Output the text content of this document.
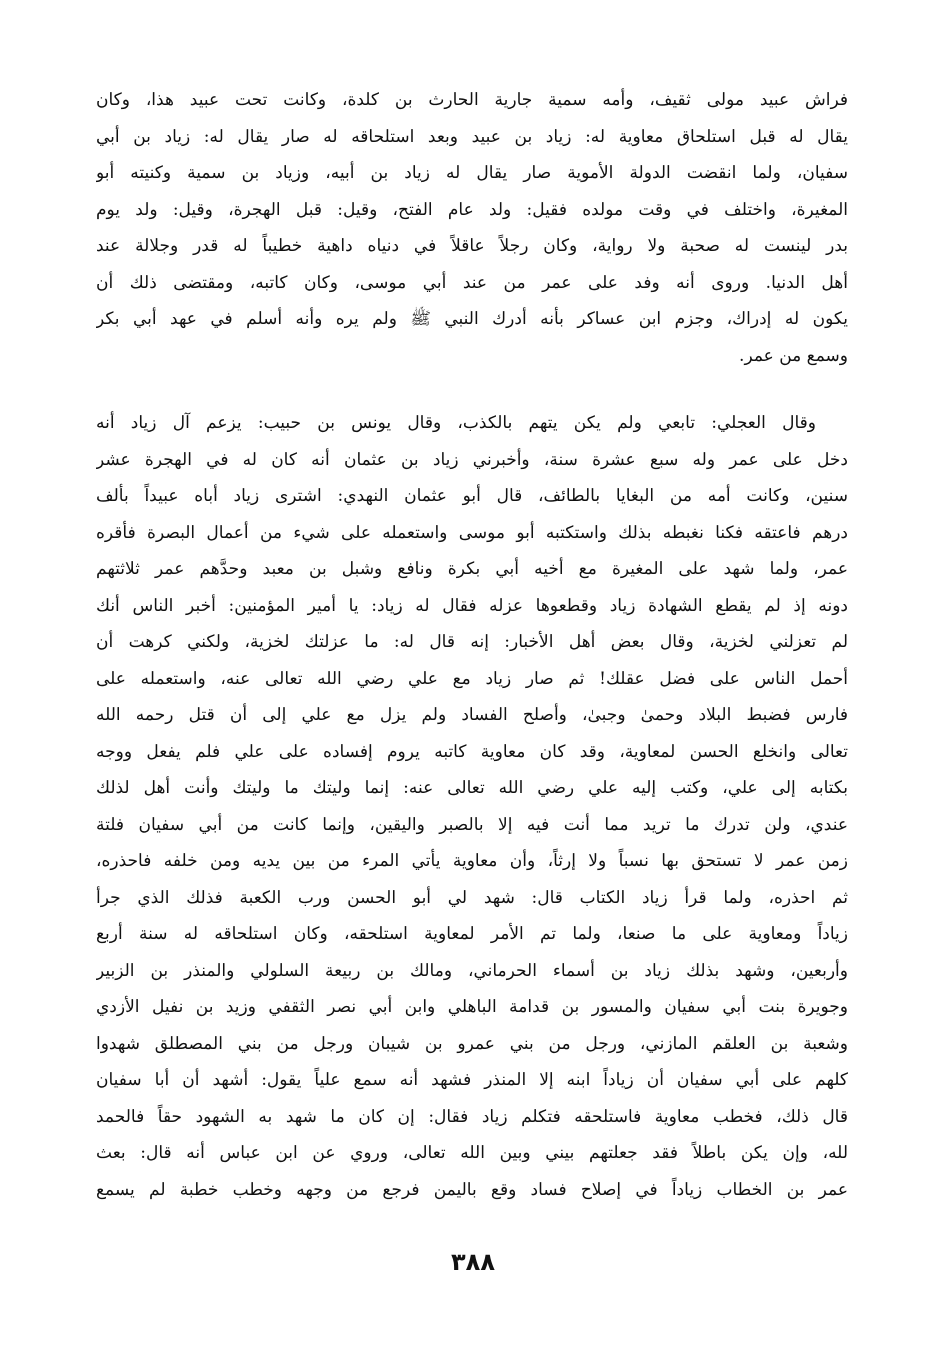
فراش عبيد مولى ثقيف، وأمه سمية جارية الحارث بن كلدة، وكانت تحت عبيد هذا، وكان
يقال له قبل استلحاق معاوية له: زياد بن عبيد وبعد استلحاقه له صار يقال له: زياد بن أبي
سفيان، ولما انقضت الدولة الأموية صار يقال له زياد بن أبيه، وزياد بن سمية وكنيته أبو
المغيرة، واختلف في وقت مولده فقيل: ولد عام الفتح، وقيل: قبل الهجرة، وقيل: ولد يوم
بدر لينست له صحبة ولا رواية، وكان رجلاً عاقلاً في دنياه داهية خطيباً له قدر وجلالة عند
أهل الدنيا. وروى أنه وفد على عمر من عند أبي موسى، وكان كاتبه، ومقتضى ذلك أن
يكون له إدراك، وجزم ابن عساكر بأنه أدرك النبي ﷺ ولم يره وأنه أسلم في عهد أبي بكر
وسمع من عمر.
وقال العجلي: تابعي ولم يكن يتهم بالكذب، وقال يونس بن حبيب: يزعم آل زياد أنه
دخل على عمر وله سبع عشرة سنة، وأخبرني زياد بن عثمان أنه كان له في الهجرة عشر
سنين، وكانت أمه من البغايا بالطائف، قال أبو عثمان النهدي: اشترى زياد أباه عبيداً بألف
درهم فاعتقه فكنا نغبطه بذلك واستكتبه أبو موسى واستعمله على شيء من أعمال البصرة فأقره
عمر، ولما شهد على المغيرة مع أخيه أبي بكرة ونافع وشبل بن معبد وحدَّهم عمر ثلاثتهم
دونه إذ لم يقطع الشهادة زياد وقطعوها عزله فقال له زياد: يا أمير المؤمنين: أخبر الناس أنك
لم تعزلني لخزية، وقال بعض أهل الأخبار: إنه قال له: ما عزلتك لخزية، ولكني كرهت أن
أحمل الناس على فضل عقلك! ثم صار زياد مع علي رضي الله تعالى عنه، واستعمله على
فارس فضبط البلاد وحمىٰ وجبىٰ، وأصلح الفساد ولم يزل مع علي إلى أن قتل رحمه الله
تعالى وانخلع الحسن لمعاوية، وقد كان معاوية كاتبه يروم إفساده على علي فلم يفعل ووجه
بكتابه إلى علي، وكتب إليه علي رضي الله تعالى عنه: إنما وليتك ما وليتك وأنت أهل لذلك
عندي، ولن تدرك ما تريد مما أنت فيه إلا بالصبر واليقين، وإنما كانت من أبي سفيان فلتة
زمن عمر لا تستحق بها نسباً ولا إرثاً، وأن معاوية يأتي المرء من بين يديه ومن خلفه فاحذره،
ثم احذره، ولما قرأ زياد الكتاب قال: شهد لي أبو الحسن ورب الكعبة فذلك الذي جرأ
زياداً ومعاوية على ما صنعا، ولما تم الأمر لمعاوية استلحقه، وكان استلحاقه له سنة أربع
وأربعين، وشهد بذلك زياد بن أسماء الحرماني، ومالك بن ربيعة السلولي والمنذر بن الزبير
وجويرة بنت أبي سفيان والمسور بن قدامة الباهلي وابن أبي نصر الثقفي وزيد بن نفيل الأزدي
وشعبة بن العلقم المازني، ورجل من بني عمرو بن شيبان ورجل من بني المصطلق شهدوا
كلهم على أبي سفيان أن زياداً ابنه إلا المنذر فشهد أنه سمع علياً يقول: أشهد أن أبا سفيان
قال ذلك، فخطب معاوية فاستلحقه فتكلم زياد فقال: إن كان ما شهد به الشهود حقاً فالحمد
لله، وإن يكن باطلاً فقد جعلتهم بيني وبين الله تعالى، وروي عن ابن عباس أنه قال: بعث
عمر بن الخطاب زياداً في إصلاح فساد وقع باليمن فرجع من وجهه وخطب خطبة لم يسمع
٣٨٨
